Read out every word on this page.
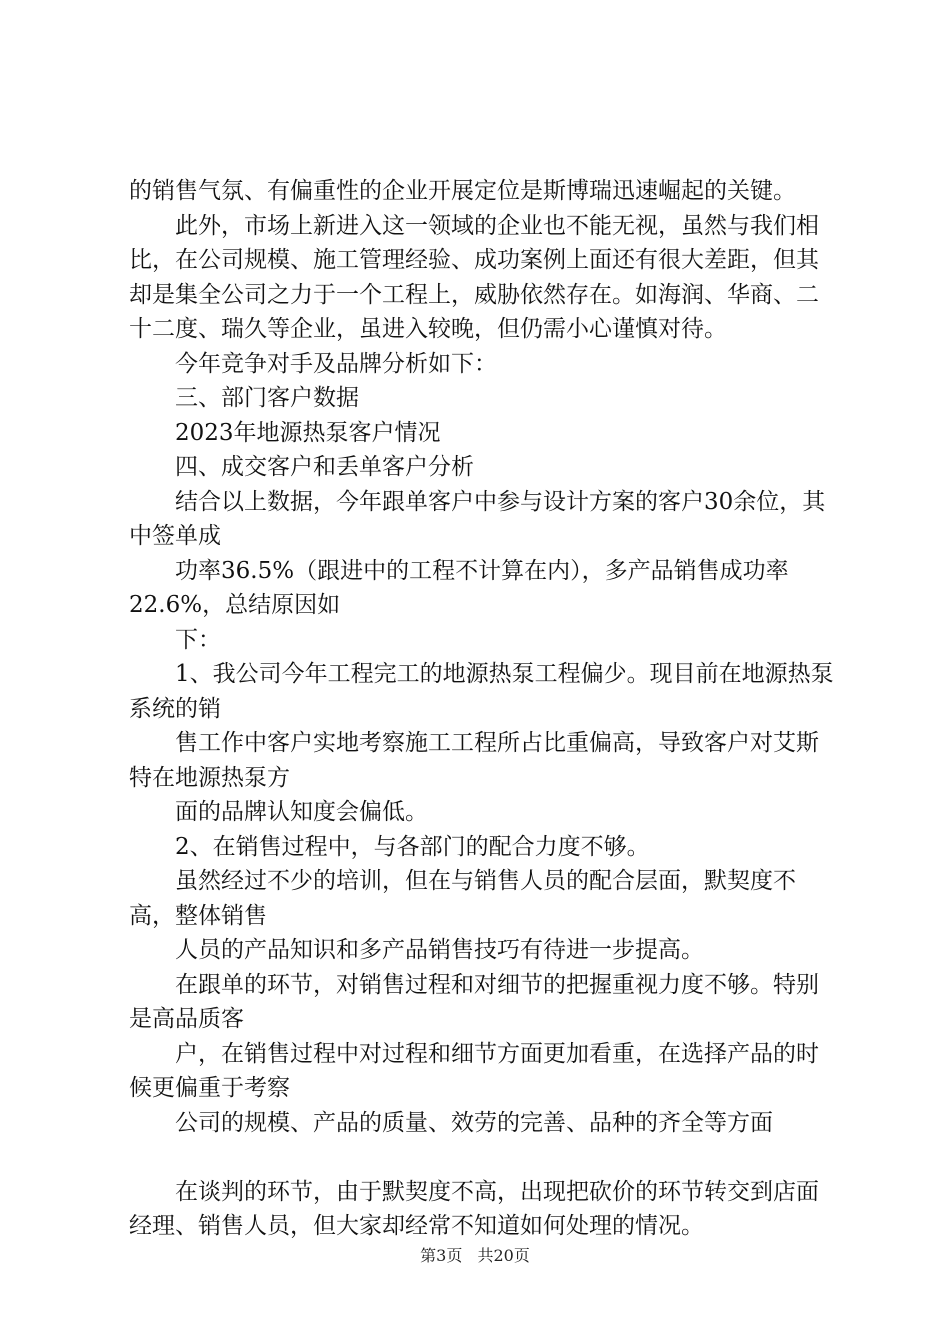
的销售气氛、有偏重性的企业开展定位是斯博瑞迅速崛起的关键。

此外，市场上新进入这一领域的企业也不能无视，虽然与我们相比，在公司规模、施工管理经验、成功案例上面还有很大差距，但其却是集全公司之力于一个工程上，威胁依然存在。如海润、华商、二十二度、瑞久等企业，虽进入较晚，但仍需小心谨慎对待。

今年竞争对手及品牌分析如下：

三、部门客户数据

2023年地源热泵客户情况

四、成交客户和丢单客户分析

结合以上数据，今年跟单客户中参与设计方案的客户30余位，其中签单成

功率36.5%（跟进中的工程不计算在内），多产品销售成功率22.6%，总结原因如

下：

1、我公司今年工程完工的地源热泵工程偏少。现目前在地源热泵系统的销

售工作中客户实地考察施工工程所占比重偏高，导致客户对艾斯特在地源热泵方

面的品牌认知度会偏低。

2、在销售过程中，与各部门的配合力度不够。

虽然经过不少的培训，但在与销售人员的配合层面，默契度不高，整体销售

人员的产品知识和多产品销售技巧有待进一步提高。

在跟单的环节，对销售过程和对细节的把握重视力度不够。特别是高品质客

户，在销售过程中对过程和细节方面更加看重，在选择产品的时候更偏重于考察

公司的规模、产品的质量、效劳的完善、品种的齐全等方面

在谈判的环节，由于默契度不高，出现把砍价的环节转交到店面经理、销售人员，但大家却经常不知道如何处理的情况。

第3页 共20页
